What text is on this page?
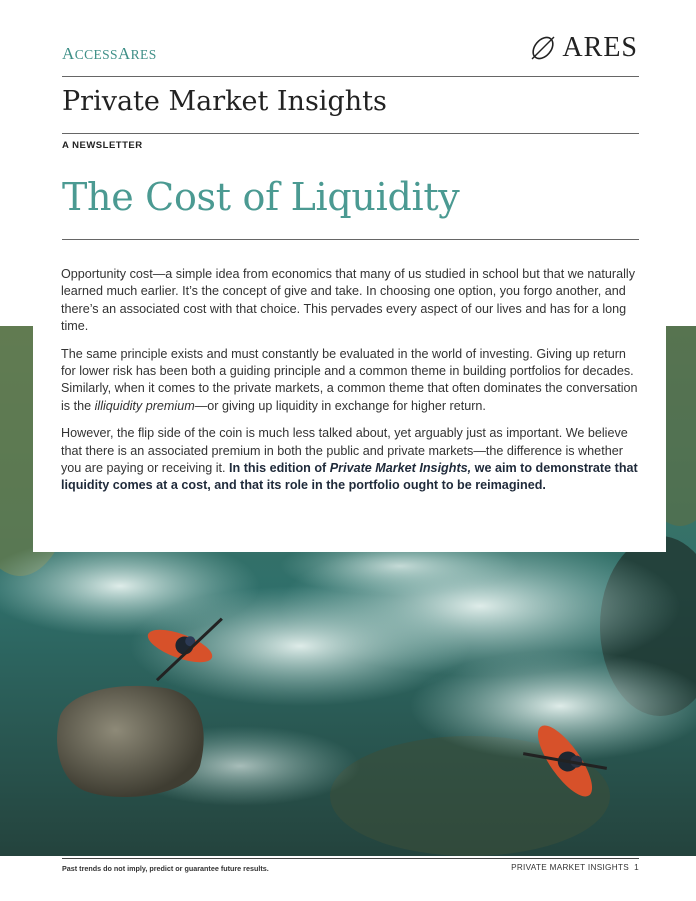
ACCESSARES	ARES
Private Market Insights
A NEWSLETTER
The Cost of Liquidity

Opportunity cost—a simple idea from economics that many of us studied in school but that we naturally learned much earlier. It’s the concept of give and take. In choosing one option, you forgo another, and there’s an associated cost with that choice. This pervades every aspect of our lives and has for a long time.

The same principle exists and must constantly be evaluated in the world of investing. Giving up return for lower risk has been both a guiding principle and a common theme in building portfolios for decades. Similarly, when it comes to the private markets, a common theme that often dominates the conversation is the illiquidity premium—or giving up liquidity in exchange for higher return.

However, the flip side of the coin is much less talked about, yet arguably just as important. We believe that there is an associated premium in both the public and private markets—the difference is whether you are paying or receiving it. In this edition of Private Market Insights, we aim to demonstrate that liquidity comes at a cost, and that its role in the portfolio ought to be reimagined.

Past trends do not imply, predict or guarantee future results.	PRIVATE MARKET INSIGHTS 1
